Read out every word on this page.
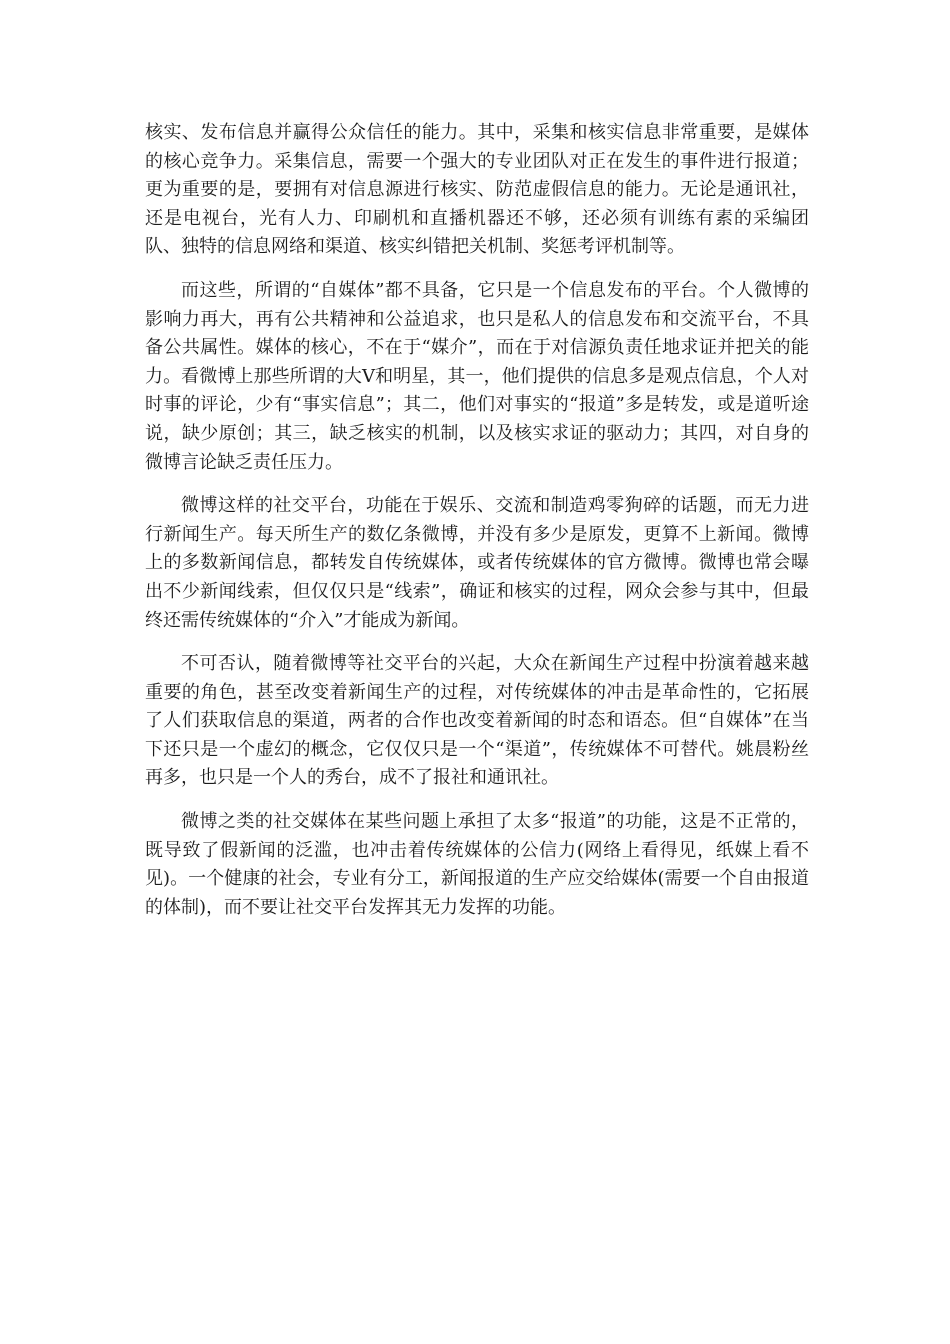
核实、发布信息并赢得公众信任的能力。其中，采集和核实信息非常重要，是媒体的核心竞争力。采集信息，需要一个强大的专业团队对正在发生的事件进行报道；更为重要的是，要拥有对信息源进行核实、防范虚假信息的能力。无论是通讯社，还是电视台，光有人力、印刷机和直播机器还不够，还必须有训练有素的采编团队、独特的信息网络和渠道、核实纠错把关机制、奖惩考评机制等。

而这些，所谓的“自媒体”都不具备，它只是一个信息发布的平台。个人微博的影响力再大，再有公共精神和公益追求，也只是私人的信息发布和交流平台，不具备公共属性。媒体的核心，不在于“媒介”，而在于对信源负责任地求证并把关的能力。看微博上那些所谓的大V和明星，其一，他们提供的信息多是观点信息，个人对时事的评论，少有“事实信息”；其二，他们对事实的“报道”多是转发，或是道听途说，缺少原创；其三，缺乏核实的机制，以及核实求证的驱动力；其四，对自身的微博言论缺乏责任压力。

微博这样的社交平台，功能在于娱乐、交流和制造鸡零狗碎的话题，而无力进行新闻生产。每天所生产的数亿条微博，并没有多少是原发，更算不上新闻。微博上的多数新闻信息，都转发自传统媒体，或者传统媒体的官方微博。微博也常会曝出不少新闻线索，但仅仅只是“线索”，确证和核实的过程，网众会参与其中，但最终还需传统媒体的“介入”才能成为新闻。

不可否认，随着微博等社交平台的兴起，大众在新闻生产过程中扮演着越来越重要的角色，甚至改变着新闻生产的过程，对传统媒体的冲击是革命性的，它拓展了人们获取信息的渠道，两者的合作也改变着新闻的时态和语态。但“自媒体”在当下还只是一个虚幻的概念，它仅仅只是一个“渠道”，传统媒体不可替代。姚晨粉丝再多，也只是一个人的秀台，成不了报社和通讯社。

微博之类的社交媒体在某些问题上承担了太多“报道”的功能，这是不正常的，既导致了假新闻的泛滥，也冲击着传统媒体的公信力(网络上看得见，纸媒上看不见)。一个健康的社会，专业有分工，新闻报道的生产应交给媒体(需要一个自由报道的体制)，而不要让社交平台发挥其无力发挥的功能。
